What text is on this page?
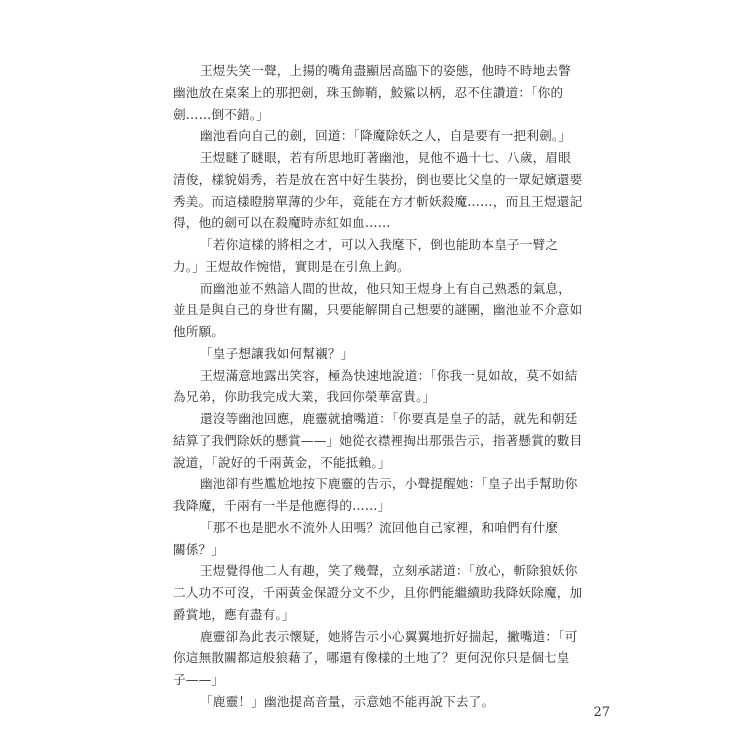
王煜失笑一聲，上揚的嘴角盡顯居高臨下的姿態，他時不時地去瞥
幽池放在桌案上的那把劍，珠玉飾鞘，鮫鯊以柄，忍不住讚道：「你的
劍……倒不錯。」
幽池看向自己的劍，回道：「降魔除妖之人，自是要有一把利劍。」
王煜瞇了瞇眼，若有所思地盯著幽池，見他不過十七、八歲，眉眼
清俊，樣貌娟秀，若是放在宮中好生裝扮，倒也要比父皇的一眾妃嬪還要
秀美。而這樣瞪膀單薄的少年，竟能在方才斬妖殺魔……，而且王煜還記
得，他的劍可以在殺魔時赤紅如血……
「若你這樣的將相之才，可以入我麾下，倒也能助本皇子一臂之
力。」王煜故作惋惜，實則是在引魚上鉤。
而幽池並不熟諳人間的世故，他只知王煜身上有自己熟悉的氣息，
並且是與自己的身世有關，只要能解開自己想要的謎團，幽池並不介意如
他所願。
「皇子想讓我如何幫襯？」
王煜滿意地露出笑容，極為快速地說道：「你我一見如故，莫不如結
為兄弟，你助我完成大業，我回你榮華富貴。」
還沒等幽池回應，鹿靈就搶嘴道：「你要真是皇子的話，就先和朝廷
結算了我們除妖的懸賞——」她從衣襟裡掏出那張告示，指著懸賞的數目
說道，「說好的千兩黃金，不能抵賴。」
幽池卻有些尷尬地按下鹿靈的告示，小聲提醒她：「皇子出手幫助你
我降魔，千兩有一半是他應得的……」
「那不也是肥水不流外人田嗎？流回他自己家裡，和咱們有什麼
關係？」
王煜覺得他二人有趣，笑了幾聲，立刻承諾道：「放心，斬除狼妖你
二人功不可沒，千兩黃金保證分文不少，且你們能繼續助我降妖除魔，加
爵賞地，應有盡有。」
鹿靈卻為此表示懷疑，她將告示小心翼翼地折好揣起，撇嘴道：「可
你這無散關都這般狼藉了，哪還有像樣的土地了？更何況你只是個七皇
子——」
「鹿靈！」幽池提高音量，示意她不能再說下去了。
27
